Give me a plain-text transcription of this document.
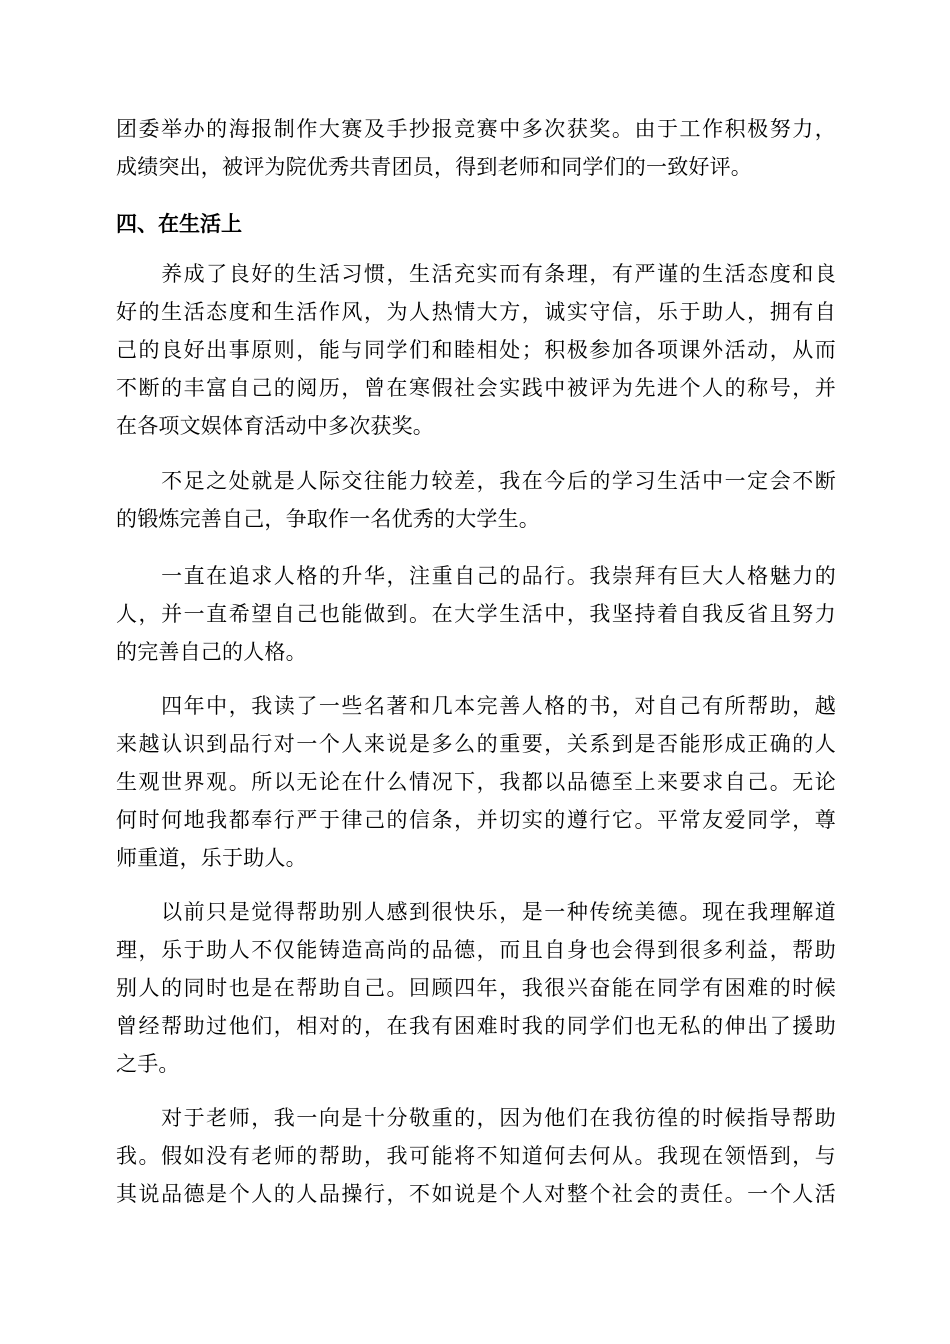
团委举办的海报制作大赛及手抄报竞赛中多次获奖。由于工作积极努力，
成绩突出，被评为院优秀共青团员，得到老师和同学们的一致好评。
四、在生活上
　　养成了良好的生活习惯，生活充实而有条理，有严谨的生活态度和良
好的生活态度和生活作风，为人热情大方，诚实守信，乐于助人，拥有自
己的良好出事原则，能与同学们和睦相处；积极参加各项课外活动，从而
不断的丰富自己的阅历，曾在寒假社会实践中被评为先进个人的称号，并
在各项文娱体育活动中多次获奖。
　　不足之处就是人际交往能力较差，我在今后的学习生活中一定会不断
的锻炼完善自己，争取作一名优秀的大学生。
　　一直在追求人格的升华，注重自己的品行。我崇拜有巨大人格魅力的
人，并一直希望自己也能做到。在大学生活中，我坚持着自我反省且努力
的完善自己的人格。
　　四年中，我读了一些名著和几本完善人格的书，对自己有所帮助，越
来越认识到品行对一个人来说是多么的重要，关系到是否能形成正确的人
生观世界观。所以无论在什么情况下，我都以品德至上来要求自己。无论
何时何地我都奉行严于律己的信条，并切实的遵行它。平常友爱同学，尊
师重道，乐于助人。
　　以前只是觉得帮助别人感到很快乐，是一种传统美德。现在我理解道
理，乐于助人不仅能铸造高尚的品德，而且自身也会得到很多利益，帮助
别人的同时也是在帮助自己。回顾四年，我很兴奋能在同学有困难的时候
曾经帮助过他们，相对的，在我有困难时我的同学们也无私的伸出了援助
之手。
　　对于老师，我一向是十分敬重的，因为他们在我彷徨的时候指导帮助
我。假如没有老师的帮助，我可能将不知道何去何从。我现在领悟到，与
其说品德是个人的人品操行，不如说是个人对整个社会的责任。一个人活
